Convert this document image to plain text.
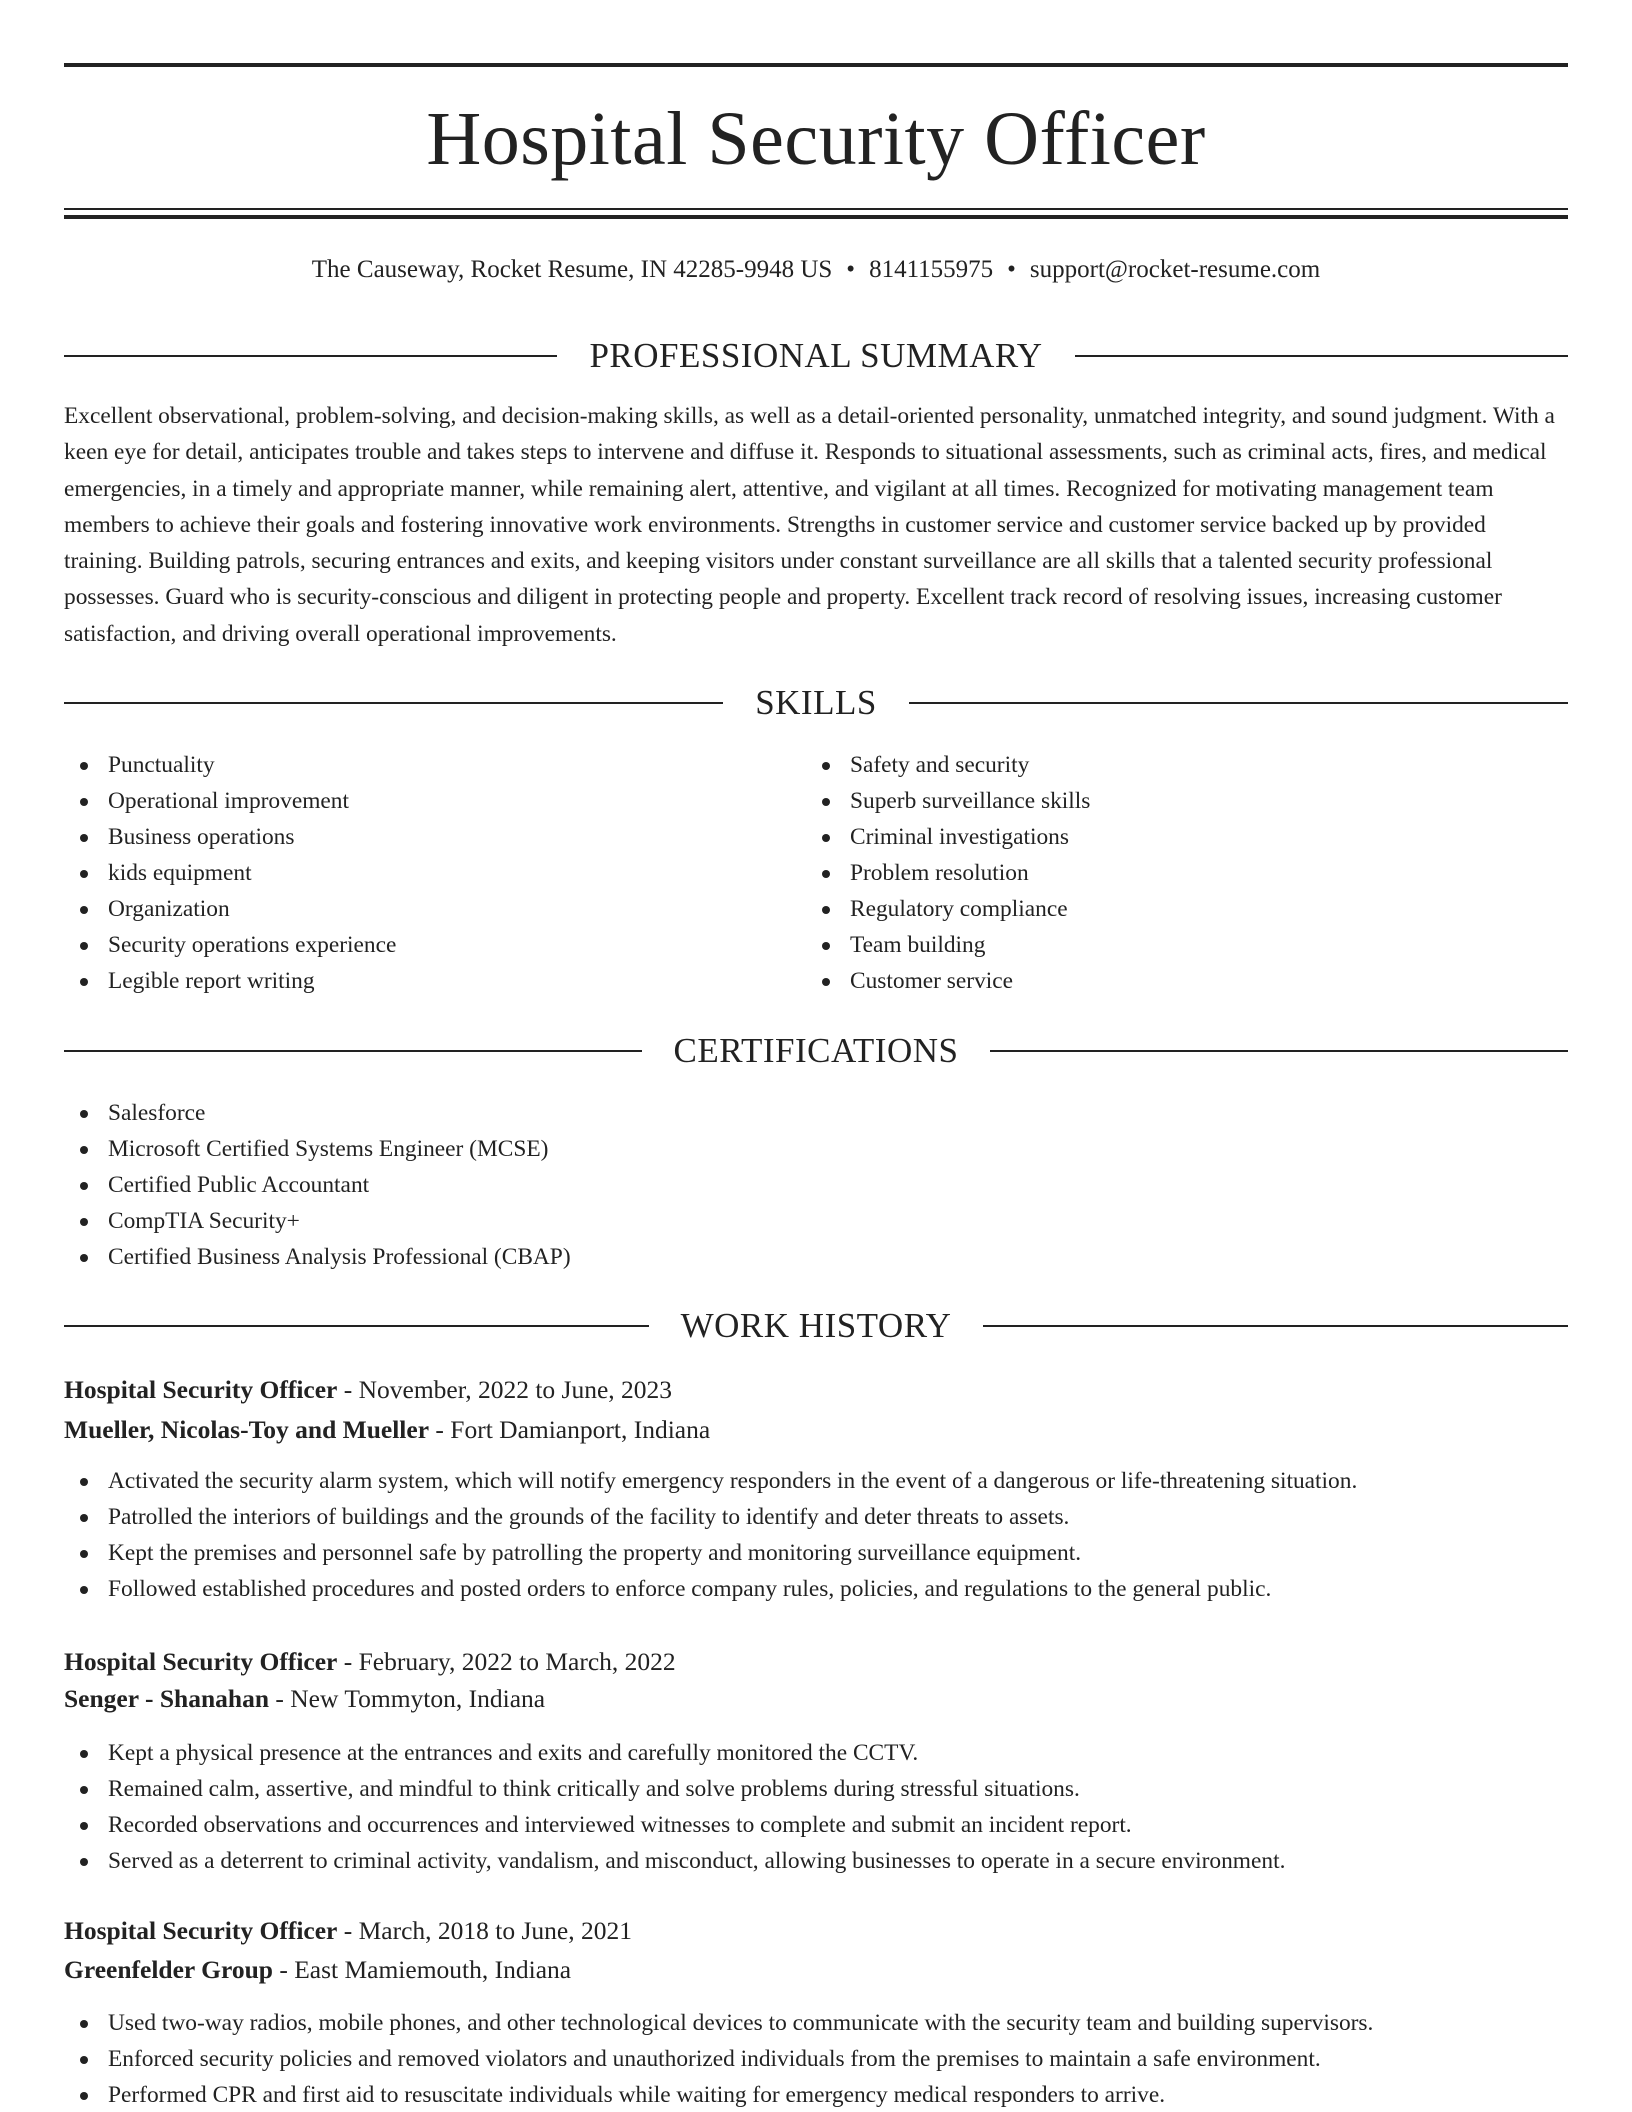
Hospital Security Officer
The Causeway, Rocket Resume, IN 42285-9948 US • 8141155975 • support@rocket-resume.com
PROFESSIONAL SUMMARY

Excellent observational, problem-solving, and decision-making skills, as well as a detail-oriented personality, unmatched integrity, and sound judgment. With a keen eye for detail, anticipates trouble and takes steps to intervene and diffuse it. Responds to situational assessments, such as criminal acts, fires, and medical emergencies, in a timely and appropriate manner, while remaining alert, attentive, and vigilant at all times. Recognized for motivating management team members to achieve their goals and fostering innovative work environments. Strengths in customer service and customer service backed up by provided training. Building patrols, securing entrances and exits, and keeping visitors under constant surveillance are all skills that a talented security professional possesses. Guard who is security-conscious and diligent in protecting people and property. Excellent track record of resolving issues, increasing customer satisfaction, and driving overall operational improvements.

SKILLS
Punctuality
Operational improvement
Business operations
kids equipment
Organization
Security operations experience
Legible report writing
Safety and security
Superb surveillance skills
Criminal investigations
Problem resolution
Regulatory compliance
Team building
Customer service
CERTIFICATIONS
Salesforce
Microsoft Certified Systems Engineer (MCSE)
Certified Public Accountant
CompTIA Security+
Certified Business Analysis Professional (CBAP)
WORK HISTORY
Hospital Security Officer - November, 2022 to June, 2023
Mueller, Nicolas-Toy and Mueller - Fort Damianport, Indiana
Activated the security alarm system, which will notify emergency responders in the event of a dangerous or life-threatening situation.
Patrolled the interiors of buildings and the grounds of the facility to identify and deter threats to assets.
Kept the premises and personnel safe by patrolling the property and monitoring surveillance equipment.
Followed established procedures and posted orders to enforce company rules, policies, and regulations to the general public.
Hospital Security Officer - February, 2022 to March, 2022
Senger - Shanahan - New Tommyton, Indiana
Kept a physical presence at the entrances and exits and carefully monitored the CCTV.
Remained calm, assertive, and mindful to think critically and solve problems during stressful situations.
Recorded observations and occurrences and interviewed witnesses to complete and submit an incident report.
Served as a deterrent to criminal activity, vandalism, and misconduct, allowing businesses to operate in a secure environment.
Hospital Security Officer - March, 2018 to June, 2021
Greenfelder Group - East Mamiemouth, Indiana
Used two-way radios, mobile phones, and other technological devices to communicate with the security team and building supervisors.
Enforced security policies and removed violators and unauthorized individuals from the premises to maintain a safe environment.
Performed CPR and first aid to resuscitate individuals while waiting for emergency medical responders to arrive.
